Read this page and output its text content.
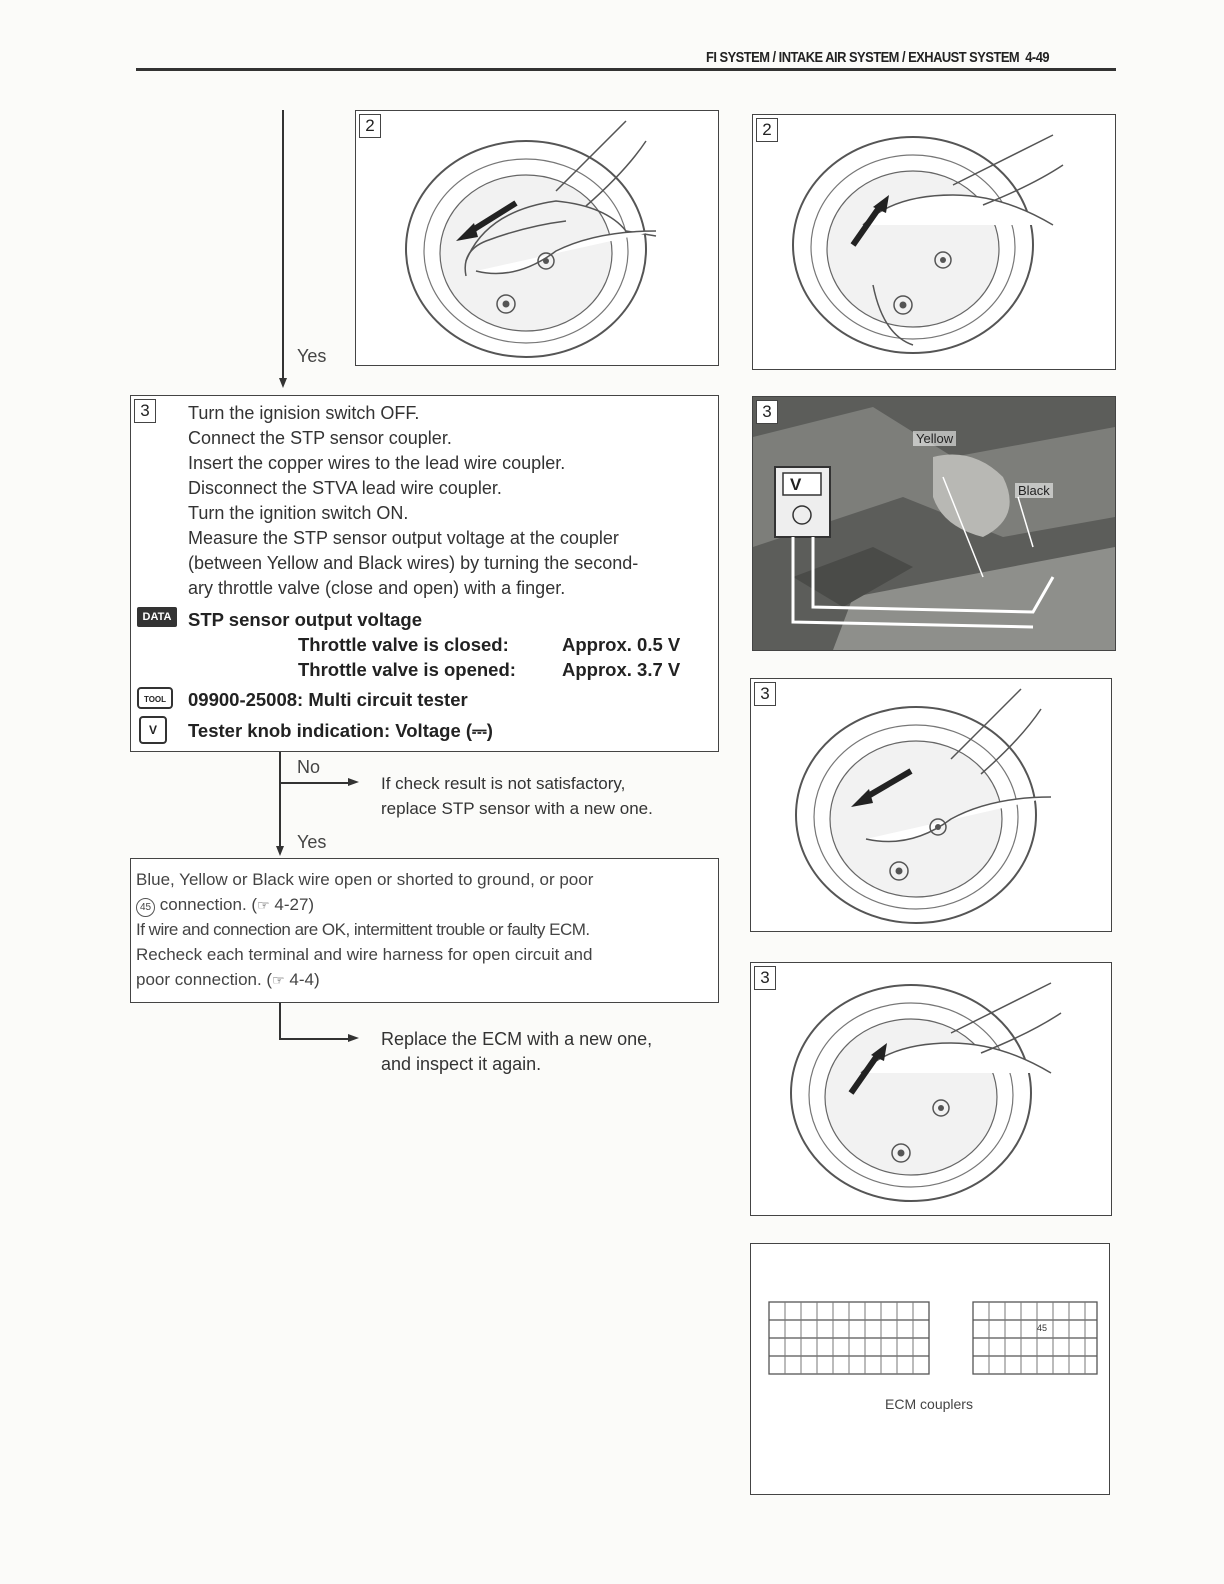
FI SYSTEM / INTAKE AIR SYSTEM / EXHAUST SYSTEM 4-49
Yes
2	2
3	Turn the ignision switch OFF.
Connect the STP sensor coupler.
Insert the copper wires to the lead wire coupler.
Disconnect the STVA lead wire coupler.
Turn the ignition switch ON.
Measure the STP sensor output voltage at the coupler
(between Yellow and Black wires) by turning the second-
ary throttle valve (close and open) with a finger.
DATA STP sensor output voltage
Throttle valve is closed:	Approx. 0.5 V
Throttle valve is opened: Approx. 3.7 V
TOOL	09900-25008: Multi circuit tester
V	Tester knob indication: Voltage (⎓)
No
If check result is not satisfactory,
replace STP sensor with a new one.
Yes
Blue, Yellow or Black wire open or shorted to ground, or poor
45 connection. (☞ 4-27)
If wire and connection are OK, intermittent trouble or faulty ECM.
Recheck each terminal and wire harness for open circuit and
poor connection. (☞ 4-4)
Replace the ECM with a new one,
and inspect it again.
3
V
Yellow
Black
3
3
45
ECM couplers
